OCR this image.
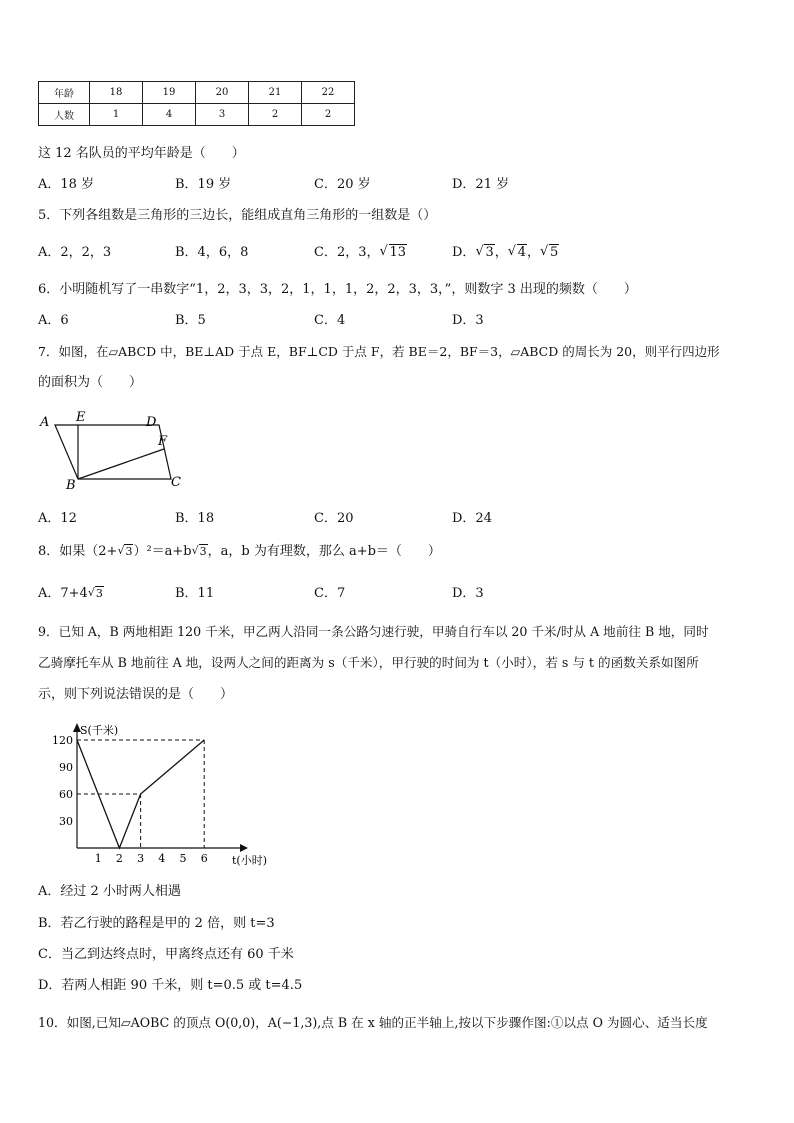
年龄	18	19	20	21	22
人数	1	4	3	2	2
这 12 名队员的平均年龄是（　　）
A．18 岁	B．19 岁	C．20 岁	D．21 岁
5．下列各组数是三角形的三边长，能组成直角三角形的一组数是（）
A．2，2，3	B．4，6，8	C．2，3， √ 13	D． √ 3， √ 4， √ 5
6．小明随机写了一串数字“1，2，3，3，2，1，1，1，2，2，3，3，”，则数字 3 出现的频数（　　）
A．6	B．5	C．4	D．3
7．如图，在▱ABCD 中，BE⊥AD 于点 E，BF⊥CD 于点 F，若 BE＝2，BF＝3，▱ABCD 的周长为 20，则平行四边形
的面积为（　　）
A E	D
F
B	C
A．12	B．18	C．20	D．24
8．如果（2+ √ 3）²＝a+b √ 3，a，b 为有理数，那么 a+b＝（　　）
A．7+4 √ 3	B．11	C．7	D．3
9．已知 A，B 两地相距 120 千米，甲乙两人沿同一条公路匀速行驶，甲骑自行车以 20 千米/时从 A 地前往 B 地，同时
乙骑摩托车从 B 地前往 A 地，设两人之间的距离为 s（千米），甲行驶的时间为 t（小时），若 s 与 t 的函数关系如图所
示，则下列说法错误的是（　　）
S(千米)
t(小时)
30
60
90
120
1 2 3 4 5 6
A．经过 2 小时两人相遇
B．若乙行驶的路程是甲的 2 倍，则 t=3
C．当乙到达终点时，甲离终点还有 60 千米
D．若两人相距 90 千米，则 t=0.5 或 t=4.5
10．如图,已知▱AOBC 的顶点 O(0,0)，A(−1,3),点 B 在 x 轴的正半轴上,按以下步骤作图:①以点 O 为圆心、适当长度
